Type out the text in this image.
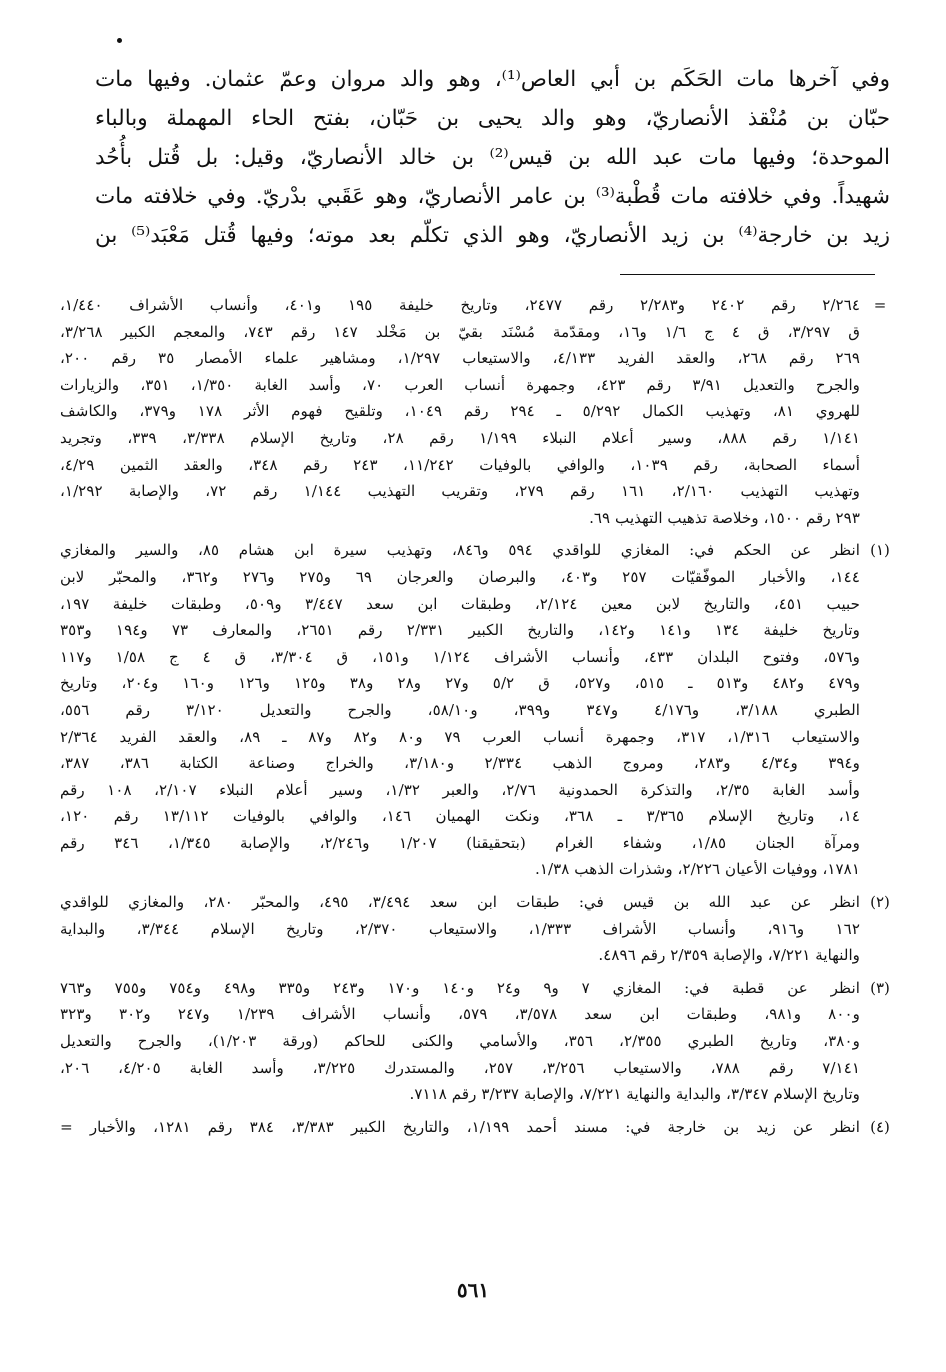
وفي آخرها مات الحَكَم بن أبي العاص⁽¹⁾، وهو والد مروان وعمّ عثمان. وفيها مات

حبّان بن مُنْقذ الأنصاريّ، وهو والد يحيى بن حَبّان، بفتح الحاء المهملة وبالباء

الموحدة؛ وفيها مات عبد الله بن قيس⁽²⁾ بن خالد الأنصاريّ، وقيل: بل قُتل بأُحُد

شهيداً. وفي خلافته مات قُطْبة⁽³⁾ بن عامر الأنصاريّ، وهو عَقَبي بدْريّ. وفي خلافته مات

زيد بن خارجة⁽⁴⁾ بن زيد الأنصاريّ، وهو الذي تكلّم بعد موته؛ وفيها قُتل مَعْبَد⁽⁵⁾ بن

=
٢/٢٦٤ رقم ٢٤٠٢ و٢/٢٨٣ رقم ٢٤٧٧، وتاريخ خليفة ١٩٥ و٤٠١، وأنساب الأشراف ١/٤٤٠،
ق ٣/٢٩٧، ق ٤ ج ١/٦ و١٦، ومقدّمة مُسْنَد بقيّ بن مَخْلد ١٤٧ رقم ٧٤٣، والمعجم الكبير ٣/٢٦٨،
٢٦٩ رقم ٢٦٨، والعقد الفريد ٤/١٣٣، والاستيعاب ١/٢٩٧، ومشاهير علماء الأمصار ٣٥ رقم ٢٠٠،
والجرح والتعديل ٣/٩١ رقم ٤٢٣، وجمهرة أنساب العرب ٧٠، وأسد الغابة ١/٣٥٠، ٣٥١، والزيارات
للهروي ٨١، وتهذيب الكمال ٥/٢٩٢ ـ ٢٩٤ رقم ١٠٤٩، وتلقيح فهوم الأثر ١٧٨ و٣٧٩، والكاشف
١/١٤١ رقم ٨٨٨، وسير أعلام النبلاء ١/١٩٩ رقم ٢٨، وتاريخ الإسلام ٣/٣٣٨، ٣٣٩، وتجريد
أسماء الصحابة، رقم ١٠٣٩، والوافي بالوفيات ١١/٢٤٢، ٢٤٣ رقم ٣٤٨، والعقد الثمين ٤/٢٩،
وتهذيب التهذيب ٢/١٦٠، ١٦١ رقم ٢٧٩، وتقريب التهذيب ١/١٤٤ رقم ٧٢، والإصابة ١/٢٩٢،
٢٩٣ رقم ١٥٠٠، وخلاصة تذهيب التهذيب ٦٩.
(١)
انظر عن الحكم في: المغازي للواقدي ٥٩٤ و٨٤٦، وتهذيب سيرة ابن هشام ٨٥، والسير والمغازي
١٤٤، والأخبار الموفّقيّات ٢٥٧ و٤٠٣، والبرصان والعرجان ٦٩ و٢٧٥ و٢٧٦ و٣٦٢، والمحبّر لابن
حبيب ٤٥١، والتاريخ لابن معين ٢/١٢٤، وطبقات ابن سعد ٣/٤٤٧ و٥٠٩، وطبقات خليفة ١٩٧،
وتاريخ خليفة ١٣٤ و١٤١ و١٤٢، والتاريخ الكبير ٢/٣٣١ رقم ٢٦٥١، والمعارف ٧٣ و١٩٤ و٣٥٣
و٥٧٦، وفتوح البلدان ٤٣٣، وأنساب الأشراف ١/١٢٤ و١٥١، ق ٣/٣٠٤، ق ٤ ج ١/٥٨ و١١٧
و٤٧٩ و٤٨٢ و٥١٣ ـ ٥١٥، و٥٢٧، ق ٥/٢ و٢٧ و٢٨ و٣٨ و١٢٥ و١٢٦ و١٦٠ و٢٠٤، وتاريخ
الطبري ٣/١٨٨، و٤/١٧٦ و٣٤٧ و٣٩٩، و٥٨/١٠، والجرح والتعديل ٣/١٢٠ رقم ٥٥٦،
والاستيعاب ١/٣١٦، ٣١٧، وجمهرة أنساب العرب ٧٩ و٨٠ و٨٢ و٨٧ ـ ٨٩، والعقد الفريد ٢/٣٦٤
و٣٩٤ و٤/٣٤ و٢٨٣، ومروج الذهب ٢/٣٣٤ و٣/١٨٠، والخراج وصناعة الكتابة ٣٨٦، ٣٨٧،
وأسد الغابة ٢/٣٥، والتذكرة الحمدونية ٢/٧٦، والعبر ١/٣٢، وسير أعلام النبلاء ٢/١٠٧، ١٠٨ رقم
١٤، وتاريخ الإسلام ٣/٣٦٥ ـ ٣٦٨، ونكت الهميان ١٤٦، والوافي بالوفيات ١٣/١١٢ رقم ١٢٠،
ومرآة الجنان ١/٨٥، وشفاء الغرام (بتحقيقنا) ١/٢٠٧ و٢/٢٤٦، والإصابة ١/٣٤٥، ٣٤٦ رقم
١٧٨١، ووفيات الأعيان ٢/٢٢٦، وشذرات الذهب ١/٣٨.
(٢)
انظر عن عبد الله بن قيس في: طبقات ابن سعد ٣/٤٩٤، ٤٩٥، والمحبّر ٢٨٠، والمغازي للواقدي
١٦٢ و٩١٦، وأنساب الأشراف ١/٣٣٣، والاستيعاب ٢/٣٧٠، وتاريخ الإسلام ٣/٣٤٤، والبداية
والنهاية ٧/٢٢١، والإصابة ٢/٣٥٩ رقم ٤٨٩٦.
(٣)
انظر عن قطبة في: المغازي ٧ و٩ و٢٤ و١٤٠ و١٧٠ و٢٤٣ و٣٣٥ و٤٩٨ و٧٥٤ و٧٥٥ و٧٦٣
و٨٠٠ و٩٨١، وطبقات ابن سعد ٣/٥٧٨، ٥٧٩، وأنساب الأشراف ١/٢٣٩ و٢٤٧ و٣٠٢ و٣٢٣
و٣٨٠، وتاريخ الطبري ٢/٣٥٥، ٣٥٦، والأسامي والكنى للحاكم (ورقة ١/٢٠٣)، والجرح والتعديل
٧/١٤١ رقم ٧٨٨، والاستيعاب ٣/٢٥٦، ٢٥٧، والمستدرك ٣/٢٢٥، وأسد الغابة ٤/٢٠٥، ٢٠٦،
وتاريخ الإسلام ٣/٣٤٧، والبداية والنهاية ٧/٢٢١، والإصابة ٣/٢٣٧ رقم ٧١١٨.
(٤)
انظر عن زيد بن خارجة في: مسند أحمد ١/١٩٩، والتاريخ الكبير ٣/٣٨٣، ٣٨٤ رقم ١٢٨١، والأخبار =
٥٦١
